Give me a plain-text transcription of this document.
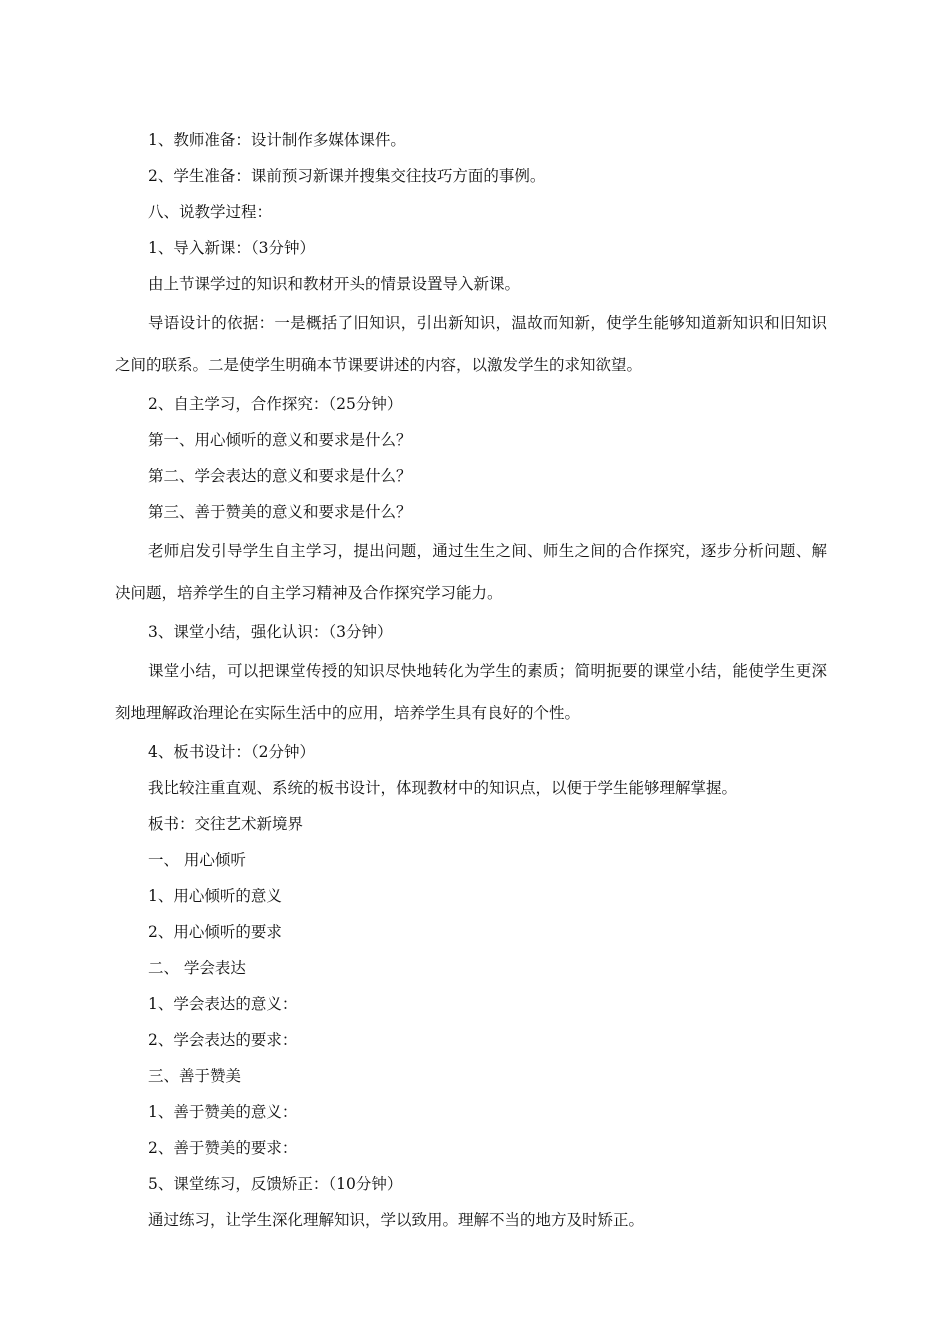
1、教师准备：设计制作多媒体课件。

2、学生准备：课前预习新课并搜集交往技巧方面的事例。

八、说教学过程：

1、导入新课：（3分钟）

由上节课学过的知识和教材开头的情景设置导入新课。

导语设计的依据：一是概括了旧知识，引出新知识，温故而知新，使学生能够知道新知识和旧知识之间的联系。二是使学生明确本节课要讲述的内容，以激发学生的求知欲望。

2、自主学习，合作探究：（25分钟）

第一、用心倾听的意义和要求是什么？

第二、学会表达的意义和要求是什么？

第三、善于赞美的意义和要求是什么？

老师启发引导学生自主学习，提出问题，通过生生之间、师生之间的合作探究，逐步分析问题、解决问题，培养学生的自主学习精神及合作探究学习能力。

3、课堂小结，强化认识：（3分钟）

课堂小结，可以把课堂传授的知识尽快地转化为学生的素质；简明扼要的课堂小结，能使学生更深刻地理解政治理论在实际生活中的应用，培养学生具有良好的个性。

4、板书设计：（2分钟）

我比较注重直观、系统的板书设计，体现教材中的知识点，以便于学生能够理解掌握。

板书：交往艺术新境界

一、 用心倾听

1、用心倾听的意义

2、用心倾听的要求

二、 学会表达

1、学会表达的意义：

2、学会表达的要求：

三、善于赞美

1、善于赞美的意义：

2、善于赞美的要求：

5、课堂练习，反馈矫正：（10分钟）

通过练习，让学生深化理解知识，学以致用。理解不当的地方及时矫正。
